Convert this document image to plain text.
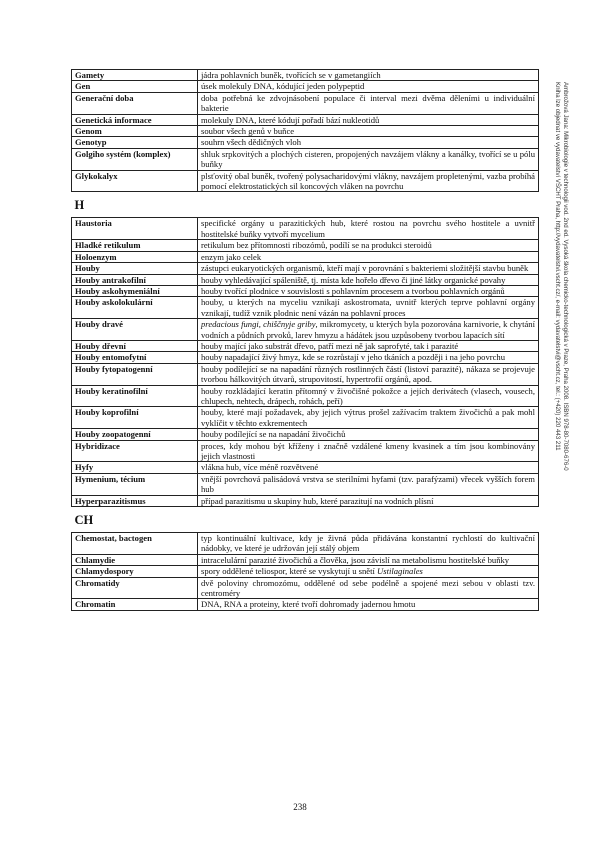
Gamety	jádra pohlavních buněk, tvořících se v gametangiích
Gen	úsek molekuly DNA, kódující jeden polypeptid
Generační doba	doba potřebná ke zdvojnásobení populace či interval mezi dvěma děleními u individuální bakterie
Genetická informace	molekuly DNA, které kódují pořadí bází nukleotidů
Genom	soubor všech genů v buňce
Genotyp	souhrn všech dědičných vloh
Golgiho systém (komplex)	shluk srpkovitých a plochých cisteren, propojených navzájem vlákny a kanálky, tvořící se u pólu buňky
Glykokalyx	plsťovitý obal buněk, tvořený polysacharidovými vlákny, navzájem propletenými, vazba probíhá pomocí elektrostatických sil koncových vláken na povrchu
H	
Haustoria	specifické orgány u parazitických hub, které rostou na povrchu svého hostitele a uvnitř hostitelské buňky vytvoří mycelium
Hladké retikulum	retikulum bez přítomnosti ribozómů, podílí se na produkci steroidů
Holoenzym	enzym jako celek
Houby	zástupci eukaryotických organismů, kteří mají v porovnání s bakteriemi složitější stavbu buněk
Houby antrakofilní	houby vyhledávající spáleniště, tj. místa kde hořelo dřevo či jiné látky organické povahy
Houby askohymeniální	houby tvořící plodnice v souvislosti s pohlavním procesem a tvorbou pohlavních orgánů
Houby askolokulární	houby, u kterých na myceliu vznikají askostromata, uvnitř kterých teprve pohlavní orgány vznikají, tudíž vznik plodnic není vázán na pohlavní proces
Houby dravé	predacious fungi, chiščnyje griby, mikromycety, u kterých byla pozorována karnivorie, k chytání vodních a půdních prvoků, larev hmyzu a hádátek jsou uzpůsobeny tvorbou lapacích sítí
Houby dřevní	houby mající jako substrát dřevo, patří mezi ně jak saprofyté, tak i parazité
Houby entomofytní	houby napadající živý hmyz, kde se rozrůstají v jeho tkáních a později i na jeho povrchu
Houby fytopatogenní	houby podílející se na napadání různých rostlinných částí (listoví parazité), nákaza se projevuje tvorbou hálkovitých útvarů, strupovitostí, hypertrofií orgánů, apod.
Houby keratinofilní	houby rozkládající keratin přítomný v živočišné pokožce a jejích derivátech (vlasech, vousech, chlupech, nehtech, drápech, rohách, peří)
Houby koprofilní	houby, které mají požadavek, aby jejich výtrus prošel zažívacím traktem živočichů a pak mohl vyklíčit v těchto exkrementech
Houby zoopatogenní	houby podílející se na napadání živočichů
Hybridizace	proces, kdy mohou být kříženy i značně vzdálené kmeny kvasinek a tím jsou kombinovány jejich vlastnosti
Hyfy	vlákna hub, více méně rozvětvené
Hymenium, técium	vnější povrchová palisádová vrstva se sterilními hyfami (tzv. parafýzami) vřecek vyšších forem hub
Hyperparazitismus	případ parazitismu u skupiny hub, které parazitují na vodních plísní
CH	
Chemostat, bactogen	typ kontinuální kultivace, kdy je živná půda přidávána konstantní rychlostí do kultivační nádobky, ve které je udržován její stálý objem
Chlamydie	intracelulární parazité živočichů a člověka, jsou závislí na metabolismu hostitelské buňky
Chlamydospory	spory oddělené teliospor, které se vyskytují u snětí Ustilaginales
Chromatidy	dvě poloviny chromozómu, oddělené od sebe podélně a spojené mezi sebou v oblasti tzv. centroméry
Chromatin	DNA, RNA a proteiny, které tvoří dohromady jadernou hmotu
Ambrožová Jana: Mikrobiologie v technologii vod. 2nd ed. Vysoká škola chemicko-technologická v Praze, Praha 2008. ISBN 978-80-7080-676-0
Kniha lze objednat ve vydavatelství VŠCHT Praha, http://vydavatelstvi.vscht.cz/, e-mail: vydavatelstvi@vscht.cz, tel.: (+420) 220 443 211
238
